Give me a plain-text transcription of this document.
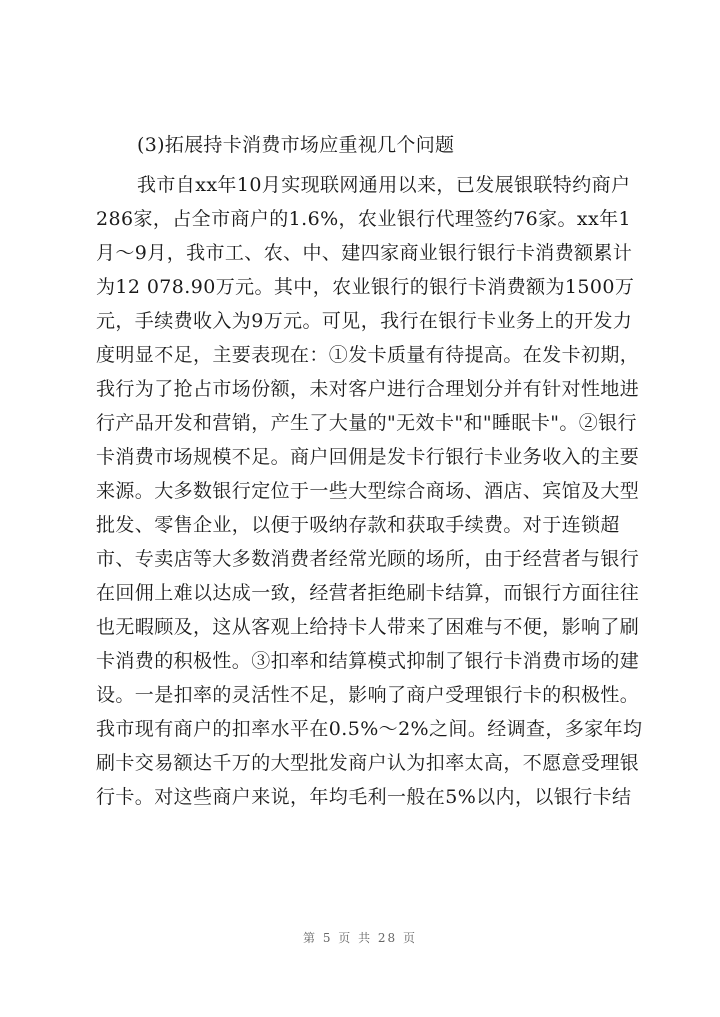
(3)拓展持卡消费市场应重视几个问题
我市自xx年10月实现联网通用以来，已发展银联特约商户
286家，占全市商户的1.6%，农业银行代理签约76家。xx年1
月～9月，我市工、农、中、建四家商业银行银行卡消费额累计
为12 078.90万元。其中，农业银行的银行卡消费额为1500万
元，手续费收入为9万元。可见，我行在银行卡业务上的开发力
度明显不足，主要表现在：①发卡质量有待提高。在发卡初期，
我行为了抢占市场份额，未对客户进行合理划分并有针对性地进
行产品开发和营销，产生了大量的"无效卡"和"睡眠卡"。②银行
卡消费市场规模不足。商户回佣是发卡行银行卡业务收入的主要
来源。大多数银行定位于一些大型综合商场、酒店、宾馆及大型
批发、零售企业，以便于吸纳存款和获取手续费。对于连锁超
市、专卖店等大多数消费者经常光顾的场所，由于经营者与银行
在回佣上难以达成一致，经营者拒绝刷卡结算，而银行方面往往
也无暇顾及，这从客观上给持卡人带来了困难与不便，影响了刷
卡消费的积极性。③扣率和结算模式抑制了银行卡消费市场的建
设。一是扣率的灵活性不足，影响了商户受理银行卡的积极性。
我市现有商户的扣率水平在0.5%～2%之间。经调查，多家年均
刷卡交易额达千万的大型批发商户认为扣率太高，不愿意受理银
行卡。对这些商户来说，年均毛利一般在5%以内，以银行卡结
第 5 页 共 28 页
